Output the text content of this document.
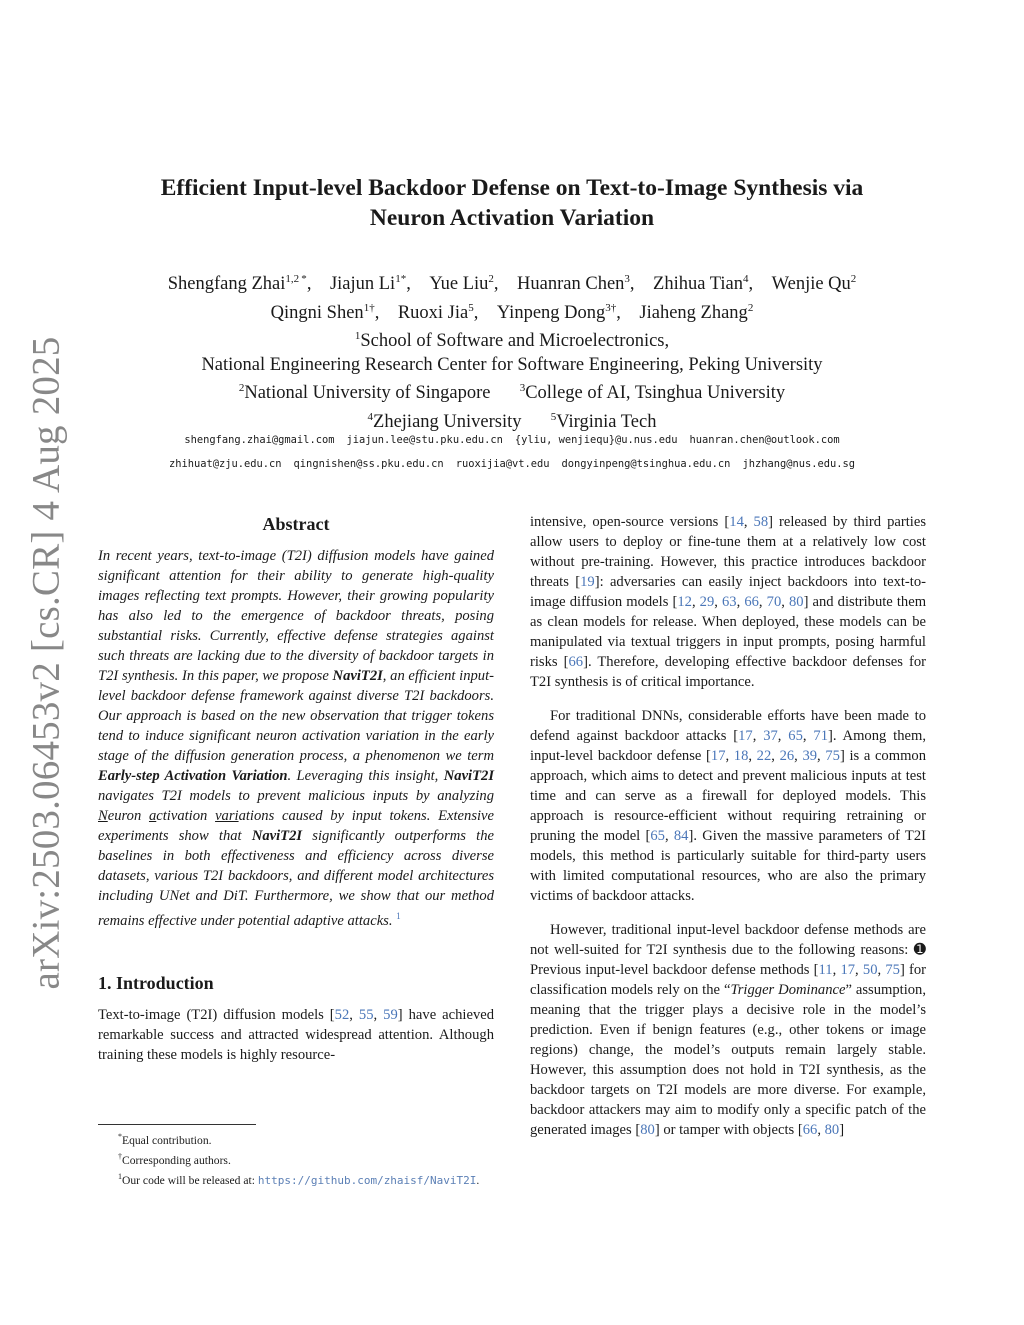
arXiv:2503.06453v2 [cs.CR] 4 Aug 2025
Efficient Input-level Backdoor Defense on Text-to-Image Synthesis via
Neuron Activation Variation
Shengfang Zhai$^{1,2 *}$, Jiajun $Li^{1*}$, Yue Liu$^2$, Huanran Chen$^3$, Zhihua Tian$^4$, Wenjie Qu$^2$
Qingni Shen$^{1\dagger}$, Ruoxi Jia$^5$, Yinpeng Dong$^{3\dagger}$, Jiaheng Zhang$^2$
$^1$School of Software and Microelectronics,
National Engineering Research Center for Software Engineering, Peking University
$^2$National University of Singapore	$^3$College of AI, Tsinghua University
$^4$Zhejiang University	$^5$Virginia Tech
shengfang.zhai@gmail.com jiajun.lee@stu.pku.edu.cn {yliu, wenjiequ}@u.nus.edu huanran.chen@outlook.com
zhihuat@zju.edu.cn qingnishen@ss.pku.edu.cn ruoxijia@vt.edu dongyinpeng@tsinghua.edu.cn jhzhang@nus.edu.sg
Abstract

In recent years, text-to-image (T2I) diffusion models have gained significant attention for their ability to generate high-quality images reflecting text prompts. However, their growing popularity has also led to the emergence of backdoor threats, posing substantial risks. Currently, effective defense strategies against such threats are lacking due to the diversity of backdoor targets in T2I synthesis. In this paper, we propose NaviT2I, an efficient input-level backdoor defense framework against diverse T2I backdoors. Our approach is based on the new observation that trigger tokens tend to induce significant neuron activation variation in the early stage of the diffusion generation process, a phenomenon we term Early-step Activation Variation. Leveraging this insight, NaviT2I navigates T2I models to prevent malicious inputs by analyzing Neuron activation variations caused by input tokens. Extensive experiments show that NaviT2I significantly outperforms the baselines in both effectiveness and efficiency across diverse datasets, various T2I backdoors, and different model architectures including UNet and DiT. Furthermore, we show that our method remains effective under potential adaptive attacks. $^1$

1. Introduction

Text-to-image (T2I) diffusion models [52, 55, 59] have achieved remarkable success and attracted widespread attention. Although training these models is highly resource-

*Equal contribution.
†Corresponding authors.
$^1$Our code will be released at: https://github.com/zhaisf/NaviT2I.

intensive, open-source versions [14, 58] released by third parties allow users to deploy or fine-tune them at a relatively low cost without pre-training. However, this practice introduces backdoor threats [19]: adversaries can easily inject backdoors into text-to-image diffusion models [12, 29, 63, 66, 70, 80] and distribute them as clean models for release. When deployed, these models can be manipulated via textual triggers in input prompts, posing harmful risks [66]. Therefore, developing effective backdoor defenses for T2I synthesis is of critical importance.

For traditional DNNs, considerable efforts have been made to defend against backdoor attacks [17, 37, 65, 71]. Among them, input-level backdoor defense [17, 18, 22, 26, 39, 75] is a common approach, which aims to detect and prevent malicious inputs at test time and can serve as a firewall for deployed models. This approach is resource-efficient without requiring retraining or pruning the model [65, 84]. Given the massive parameters of T2I models, this method is particularly suitable for third-party users with limited computational resources, who are also the primary victims of backdoor attacks.

However, traditional input-level backdoor defense methods are not well-suited for T2I synthesis due to the following reasons: ➊ Previous input-level backdoor defense methods [11, 17, 50, 75] for classification models rely on the “Trigger Dominance” assumption, meaning that the trigger plays a decisive role in the model’s prediction. Even if benign features (e.g., other tokens or image regions) change, the model’s outputs remain largely stable. However, this assumption does not hold in T2I synthesis, as the backdoor targets on T2I models are more diverse. For example, backdoor attackers may aim to modify only a specific patch of the generated images [80] or tamper with objects [66, 80]
